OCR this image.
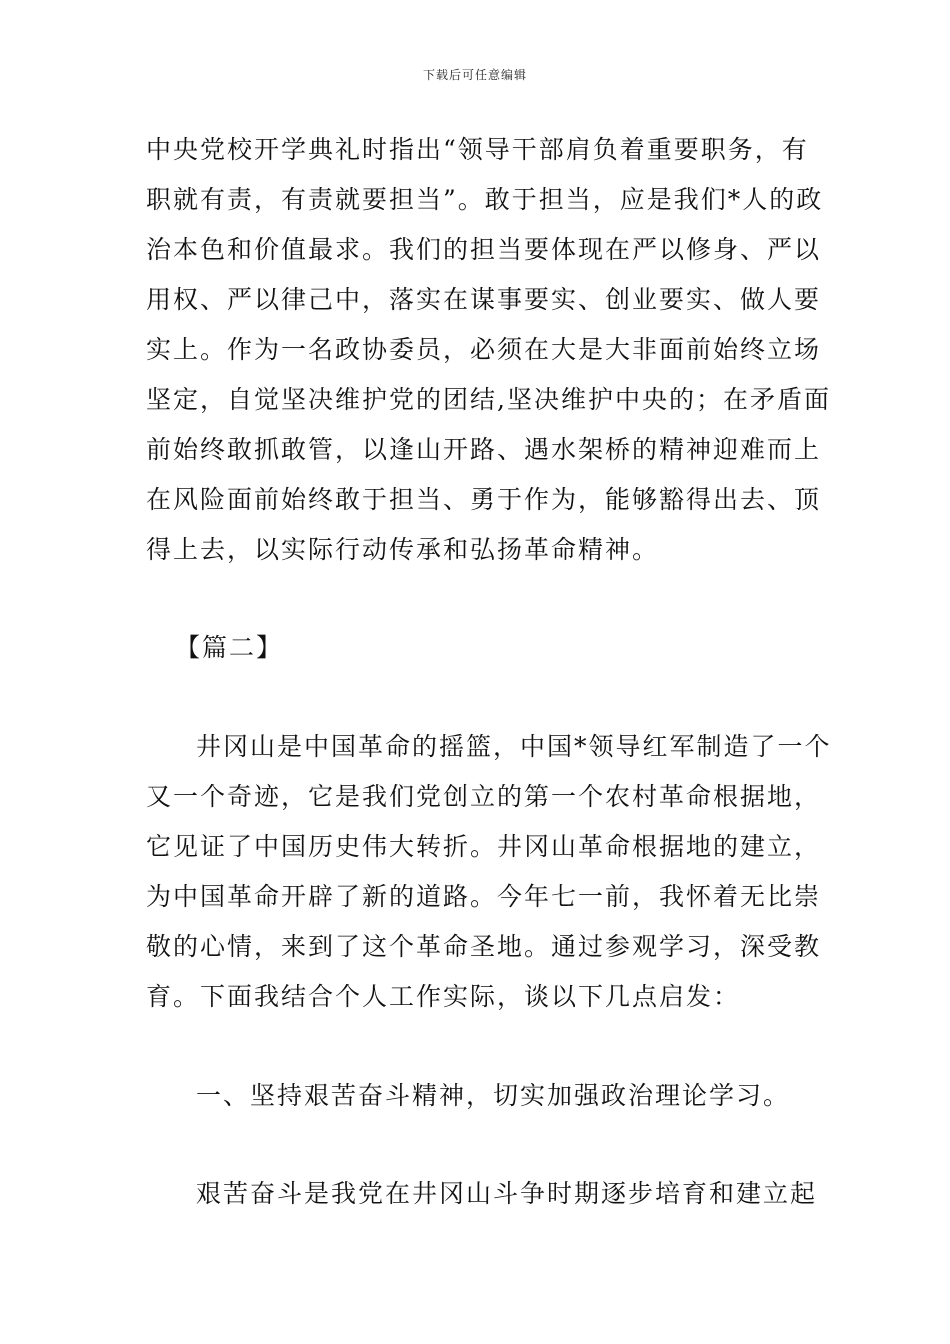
下载后可任意编辑
中央党校开学典礼时指出“领导干部肩负着重要职务，有
职就有责，有责就要担当”。敢于担当，应是我们*人的政
治本色和价值最求。我们的担当要体现在严以修身、严以
用权、严以律己中，落实在谋事要实、创业要实、做人要
实上。作为一名政协委员，必须在大是大非面前始终立场
坚定，自觉坚决维护党的团结,坚决维护中央的；在矛盾面
前始终敢抓敢管，以逢山开路、遇水架桥的精神迎难而上
在风险面前始终敢于担当、勇于作为，能够豁得出去、顶
得上去，以实际行动传承和弘扬革命精神。
【篇二】
井冈山是中国革命的摇篮，中国*领导红军制造了一个
又一个奇迹，它是我们党创立的第一个农村革命根据地，
它见证了中国历史伟大转折。井冈山革命根据地的建立，
为中国革命开辟了新的道路。今年七一前，我怀着无比崇
敬的心情，来到了这个革命圣地。通过参观学习，深受教
育。下面我结合个人工作实际，谈以下几点启发：
一、坚持艰苦奋斗精神，切实加强政治理论学习。
艰苦奋斗是我党在井冈山斗争时期逐步培育和建立起
